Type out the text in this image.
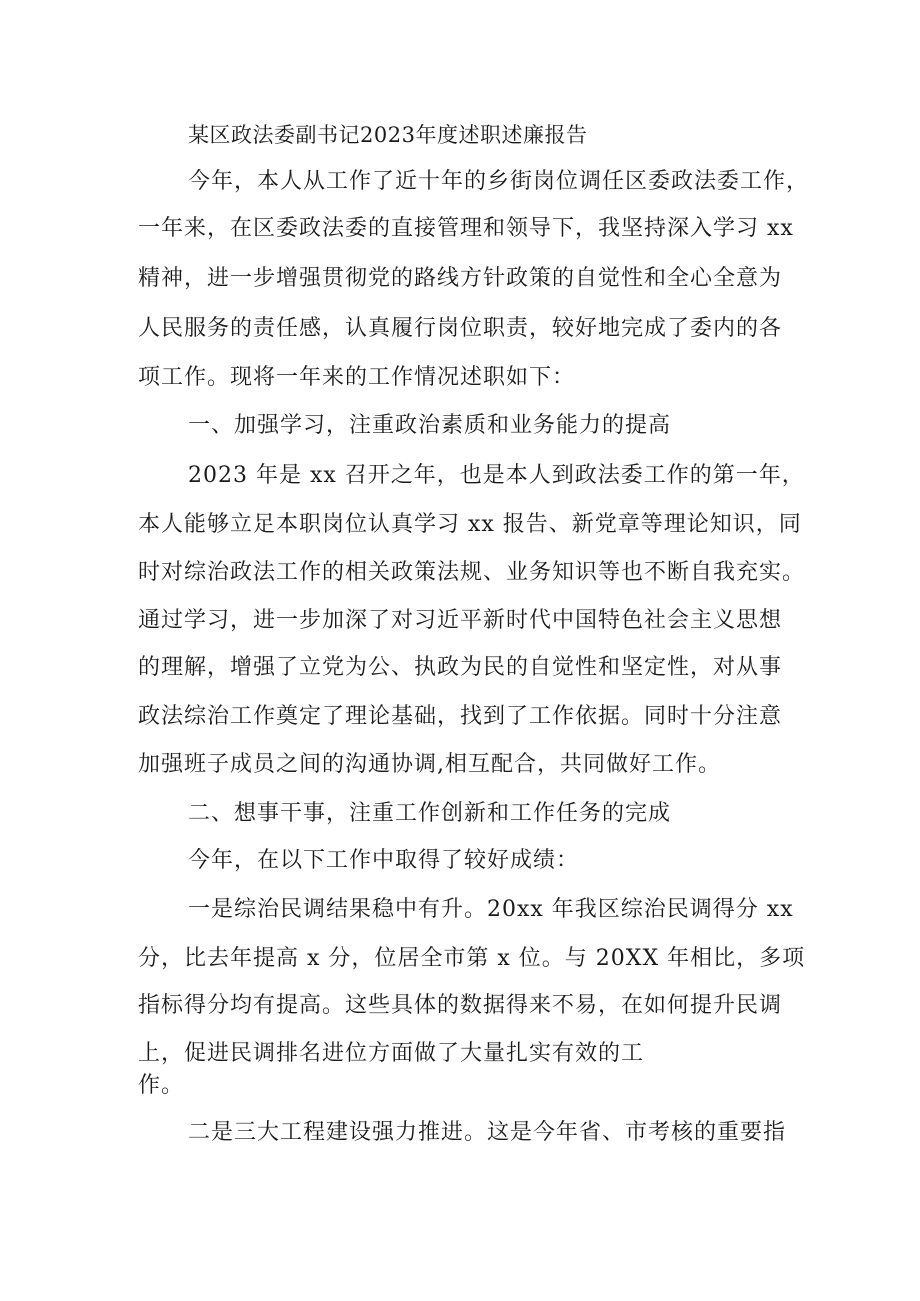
某区政法委副书记2023年度述职述廉报告
今年，本人从工作了近十年的乡街岗位调任区委政法委工作，
一年来，在区委政法委的直接管理和领导下，我坚持深入学习 xx
精神，进一步增强贯彻党的路线方针政策的自觉性和全心全意为
人民服务的责任感，认真履行岗位职责，较好地完成了委内的各
项工作。现将一年来的工作情况述职如下：
一、加强学习，注重政治素质和业务能力的提高
2023 年是 xx 召开之年，也是本人到政法委工作的第一年，
本人能够立足本职岗位认真学习 xx 报告、新党章等理论知识，同
时对综治政法工作的相关政策法规、业务知识等也不断自我充实。
通过学习，进一步加深了对习近平新时代中国特色社会主义思想
的理解，增强了立党为公、执政为民的自觉性和坚定性，对从事
政法综治工作奠定了理论基础，找到了工作依据。同时十分注意
加强班子成员之间的沟通协调,相互配合，共同做好工作。
二、想事干事，注重工作创新和工作任务的完成
今年，在以下工作中取得了较好成绩：
一是综治民调结果稳中有升。20xx 年我区综治民调得分 xx
分，比去年提高 x 分，位居全市第 x 位。与 20XX 年相比，多项
指标得分均有提高。这些具体的数据得来不易，在如何提升民调
上，促进民调排名进位方面做了大量扎实有效的工
作。
二是三大工程建设强力推进。这是今年省、市考核的重要指
